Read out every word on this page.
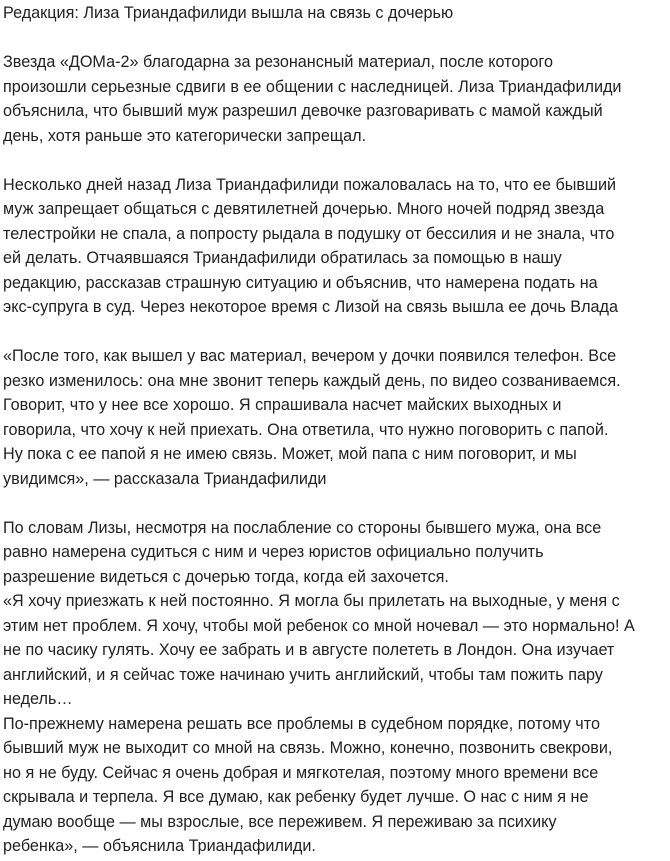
Редакция: Лиза Триандафилиди вышла на связь с дочерью

Звезда «ДОМа-2» благодарна за резонансный материал, после которого
произошли серьезные сдвиги в ее общении с наследницей. Лиза Триандафилиди
объяснила, что бывший муж разрешил девочке разговаривать с мамой каждый
день, хотя раньше это категорически запрещал.

Несколько дней назад Лиза Триандафилиди пожаловалась на то, что ее бывший
муж запрещает общаться с девятилетней дочерью. Много ночей подряд звезда
телестройки не спала, а попросту рыдала в подушку от бессилия и не знала, что
ей делать. Отчаявшаяся Триандафилиди обратилась за помощью в нашу
редакцию, рассказав страшную ситуацию и объяснив, что намерена подать на
экс-супруга в суд. Через некоторое время с Лизой на связь вышла ее дочь Влада

«После того, как вышел у вас материал, вечером у дочки появился телефон. Все
резко изменилось: она мне звонит теперь каждый день, по видео созваниваемся.
Говорит, что у нее все хорошо. Я спрашивала насчет майских выходных и
говорила, что хочу к ней приехать. Она ответила, что нужно поговорить с папой.
Ну пока с ее папой я не имею связь. Может, мой папа с ним поговорит, и мы
увидимся», — рассказала Триандафилиди

По словам Лизы, несмотря на послабление со стороны бывшего мужа, она все
равно намерена судиться с ним и через юристов официально получить
разрешение видеться с дочерью тогда, когда ей захочется.
«Я хочу приезжать к ней постоянно. Я могла бы прилетать на выходные, у меня с
этим нет проблем. Я хочу, чтобы мой ребенок со мной ночевал — это нормально! А
не по часику гулять. Хочу ее забрать и в августе полететь в Лондон. Она изучает
английский, и я сейчас тоже начинаю учить английский, чтобы там пожить пару
недель…
По-прежнему намерена решать все проблемы в судебном порядке, потому что
бывший муж не выходит со мной на связь. Можно, конечно, позвонить свекрови,
но я не буду. Сейчас я очень добрая и мягкотелая, поэтому много времени все
скрывала и терпела. Я все думаю, как ребенку будет лучше. О нас с ним я не
думаю вообще — мы взрослые, все переживем. Я переживаю за психику
ребенка», — объяснила Триандафилиди.
